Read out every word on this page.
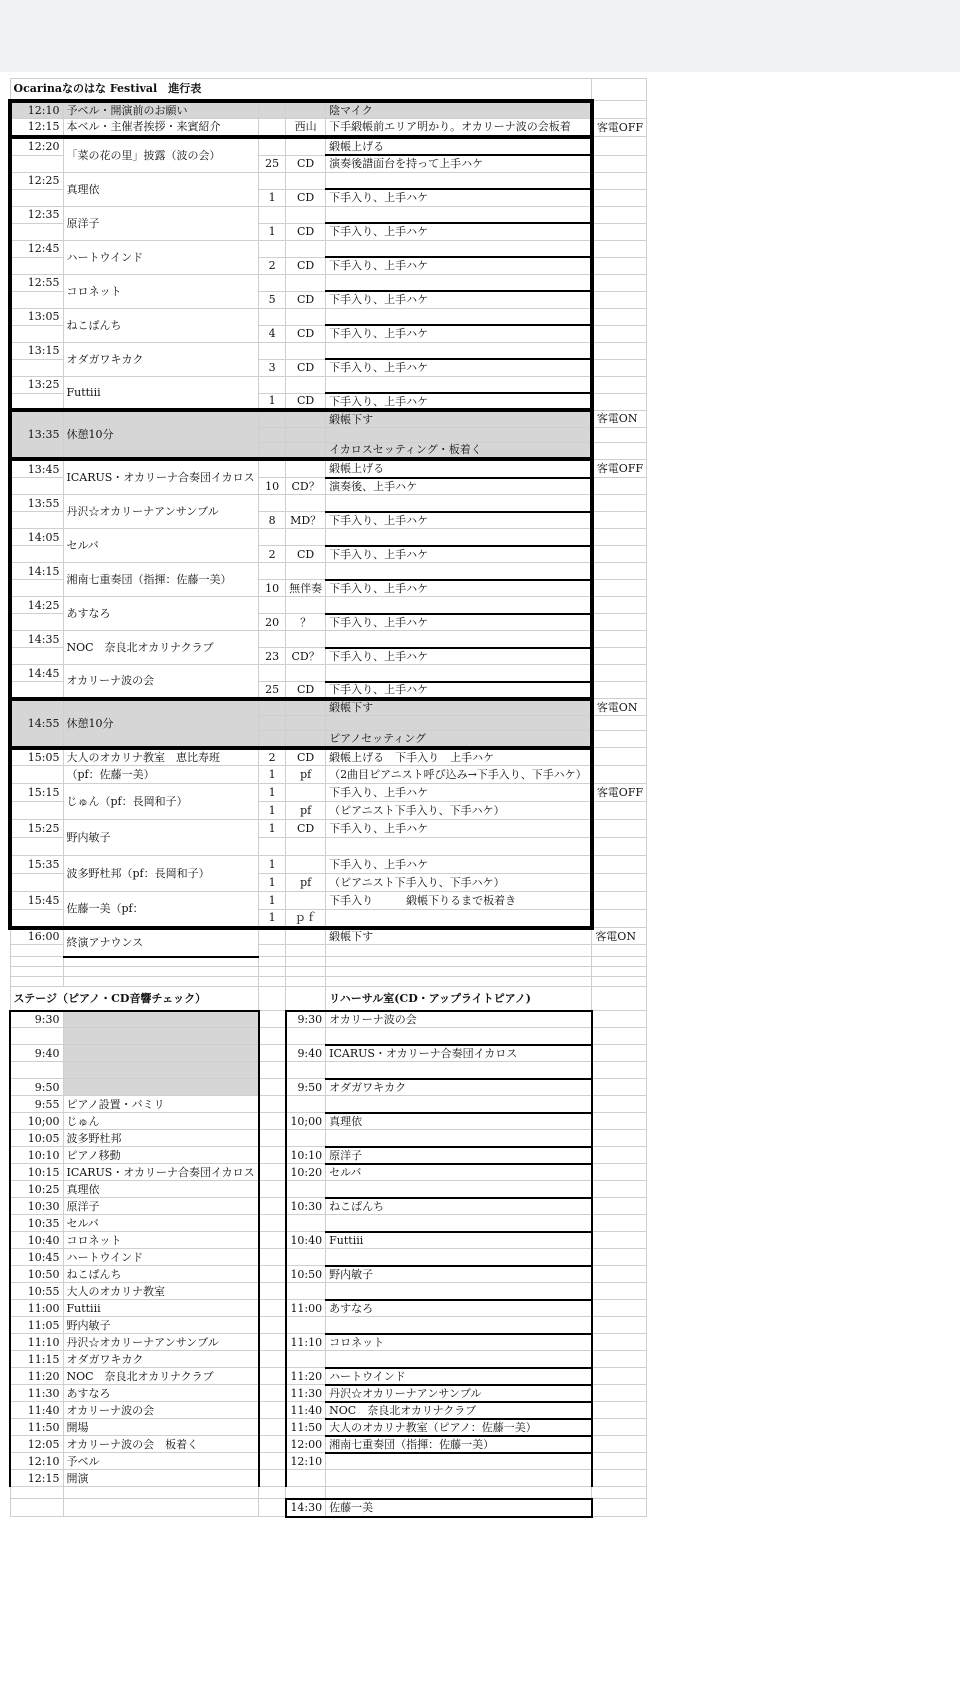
Ocarinaなのはな Festival　進行表					
12:10	予ベル・開演前のお願い			陰マイク	
12:15	本ベル・主催者挨拶・来賓紹介		西山	下手緞帳前エリア明かり。オカリーナ波の会板着	客電OFF
12:20	「菜の花の里」披露（波の会）			緞帳上げる	
		25	CD	演奏後譜面台を持って上手ハケ	
12:25	真理依				
		1	CD	下手入り、上手ハケ	
12:35	原洋子				
		1	CD	下手入り、上手ハケ	
12:45	ハートウインド				
		2	CD	下手入り、上手ハケ	
12:55	コロネット				
		5	CD	下手入り、上手ハケ	
13:05	ねこぱんち				
		4	CD	下手入り、上手ハケ	
13:15	オダガワキカク				
		3	CD	下手入り、上手ハケ	
13:25	Futtiii				
		1	CD	下手入り、上手ハケ	
13:35	休憩10分			緞帳下す	客電ON

				イカロスセッティング・板着く	
13:45	ICARUS・オカリーナ合奏団イカロス			緞帳上げる	客電OFF
		10	CD？	演奏後、上手ハケ	
13:55	丹沢☆オカリーナアンサンブル				
		8	MD？	下手入り、上手ハケ	
14:05	セルバ				
		2	CD	下手入り、上手ハケ	
14:15	湘南七重奏団（指揮：佐藤一美）				
		10	無伴奏	下手入り、上手ハケ	
14:25	あすなろ				
		20	？	下手入り、上手ハケ	
14:35	NOC　奈良北オカリナクラブ				
		23	CD？	下手入り、上手ハケ	
14:45	オカリーナ波の会				
		25	CD	下手入り、上手ハケ	
14:55	休憩10分			緞帳下す	客電ON

				ピアノセッティング	
15:05	大人のオカリナ教室　恵比寿班	2	CD	緞帳上げる　下手入り　上手ハケ	
	（pf：佐藤一美）	1	pf	（2曲目ピアニスト呼び込み→下手入り、下手ハケ）	
15:15	じゅん（pf：長岡和子）	1		下手入り、上手ハケ	客電OFF
		1	pf	（ピアニスト下手入り、下手ハケ）	
15:25	野内敏子	1	CD	下手入り、上手ハケ	

15:35	波多野杜邦（pf：長岡和子）	1		下手入り、上手ハケ	
		1	pf	（ピアニスト下手入り、下手ハケ）	
15:45	佐藤一美（pf：	1		下手入り　　　緞帳下りるまで板着き	
		1	ｐｆ		
16:00	終演アナウンス			緞帳下す	客電ON

ステージ（ピアノ・CD音響チェック）				リハーサル室(CD・アップライトピアノ)	
9:30			9:30	オカリーナ波の会	

9:40			9:40	ICARUS・オカリーナ合奏団イカロス	

9:50			9:50	オダガワキカク	
9:55	ピアノ設置・バミリ				
10;00	じゅん		10;00	真理依	
10:05	波多野杜邦				
10:10	ピアノ移動		10:10	原洋子	
10:15	ICARUS・オカリーナ合奏団イカロス		10:20	セルバ	
10:25	真理依				
10:30	原洋子		10:30	ねこぱんち	
10:35	セルバ				
10:40	コロネット		10:40	Futtiii	
10:45	ハートウインド				
10:50	ねこぱんち		10:50	野内敏子	
10:55	大人のオカリナ教室				
11:00	Futtiii		11:00	あすなろ	
11:05	野内敏子				
11:10	丹沢☆オカリーナアンサンブル		11:10	コロネット	
11:15	オダガワキカク				
11:20	NOC　奈良北オカリナクラブ		11:20	ハートウインド	
11:30	あすなろ		11:30	丹沢☆オカリーナアンサンブル	
11:40	オカリーナ波の会		11:40	NOC　奈良北オカリナクラブ	
11:50	開場		11:50	大人のオカリナ教室（ピアノ：佐藤一美）	
12:05	オカリーナ波の会　板着く		12:00	湘南七重奏団（指揮：佐藤一美）	
12:10	予ベル		12:10		
12:15	開演				

			14:30	佐藤一美	
